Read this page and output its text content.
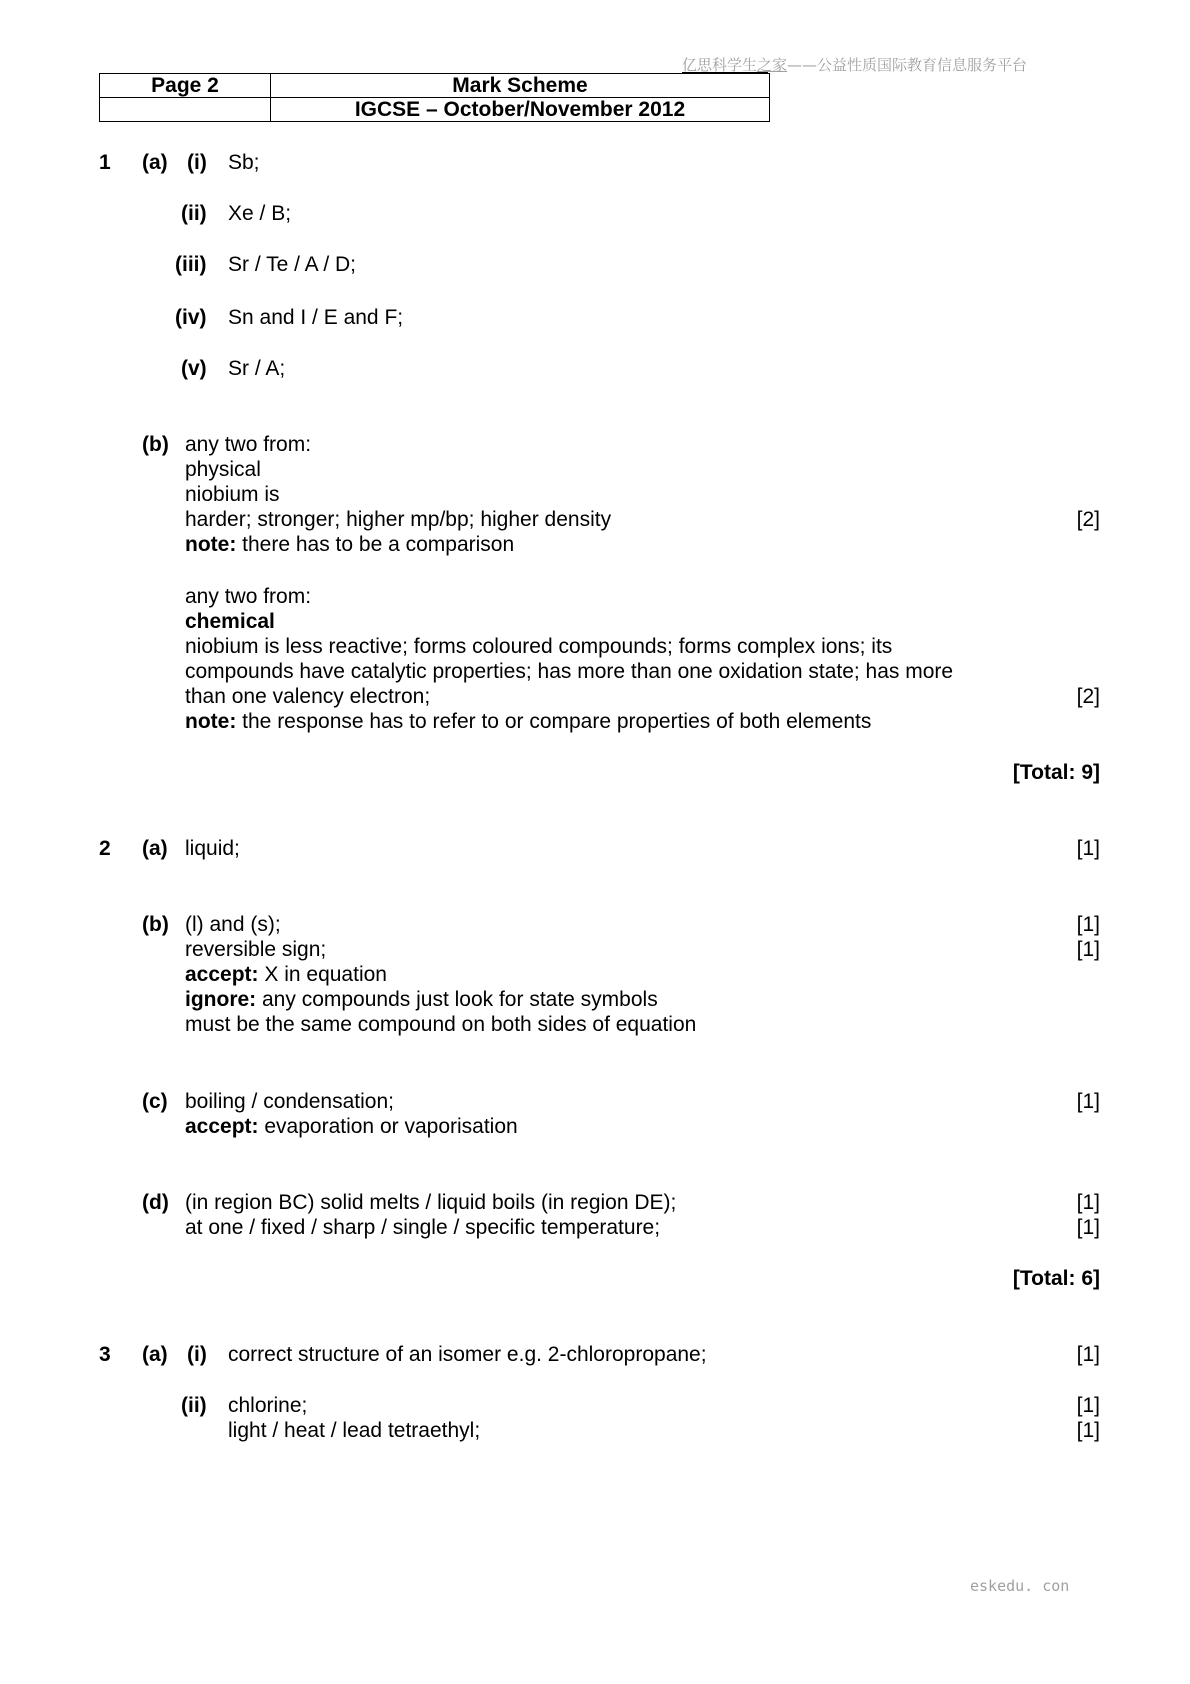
亿思科学生之家——公益性质国际教育信息服务平台
Page 2	Mark Scheme
	IGCSE – October/November 2012
1 (a) (i) Sb;
(ii) Xe / B;
(iii) Sr / Te / A / D;
(iv) Sn and I / E and F;
(v) Sr / A;
(b) any two from:
physical
niobium is
harder; stronger; higher mp/bp; higher density	[2]
note: there has to be a comparison
any two from:
chemical
niobium is less reactive; forms coloured compounds; forms complex ions; its
compounds have catalytic properties; has more than one oxidation state; has more
than one valency electron;	[2]
note: the response has to refer to or compare properties of both elements
[Total: 9]
2 (a) liquid;	[1]
(b) (l) and (s);	[1]
reversible sign;	[1]
accept: X in equation
ignore: any compounds just look for state symbols
must be the same compound on both sides of equation
(c) boiling / condensation;	[1]
accept: evaporation or vaporisation
(d) (in region BC) solid melts / liquid boils (in region DE);	[1]
at one / fixed / sharp / single / specific temperature;	[1]
[Total: 6]
3 (a) (i) correct structure of an isomer e.g. 2-chloropropane;	[1]
(ii) chlorine;	[1]
light / heat / lead tetraethyl;	[1]
eskedu. con
